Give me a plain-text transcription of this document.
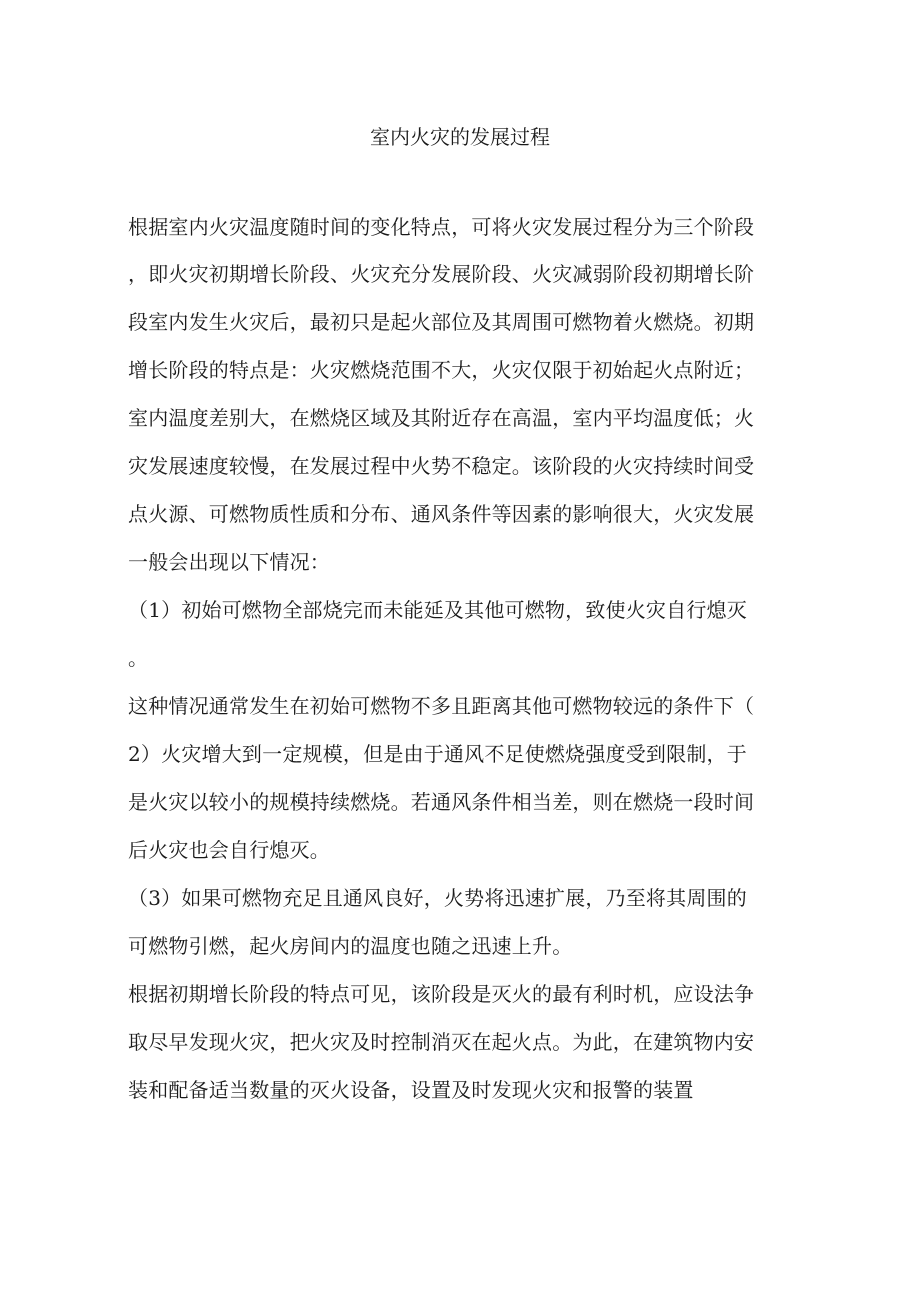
室内火灾的发展过程
根据室内火灾温度随时间的变化特点，可将火灾发展过程分为三个阶段
，即火灾初期增长阶段、火灾充分发展阶段、火灾减弱阶段初期增长阶
段室内发生火灾后，最初只是起火部位及其周围可燃物着火燃烧。初期
增长阶段的特点是：火灾燃烧范围不大，火灾仅限于初始起火点附近；
室内温度差别大，在燃烧区域及其附近存在高温，室内平均温度低；火
灾发展速度较慢，在发展过程中火势不稳定。该阶段的火灾持续时间受
点火源、可燃物质性质和分布、通风条件等因素的影响很大，火灾发展
一般会出现以下情况：
（1）初始可燃物全部烧完而未能延及其他可燃物，致使火灾自行熄灭
。
这种情况通常发生在初始可燃物不多且距离其他可燃物较远的条件下（
2）火灾增大到一定规模，但是由于通风不足使燃烧强度受到限制，于
是火灾以较小的规模持续燃烧。若通风条件相当差，则在燃烧一段时间
后火灾也会自行熄灭。
（3）如果可燃物充足且通风良好，火势将迅速扩展，乃至将其周围的
可燃物引燃，起火房间内的温度也随之迅速上升。
根据初期增长阶段的特点可见，该阶段是灭火的最有利时机，应设法争
取尽早发现火灾，把火灾及时控制消灭在起火点。为此，在建筑物内安
装和配备适当数量的灭火设备，设置及时发现火灾和报警的装置
